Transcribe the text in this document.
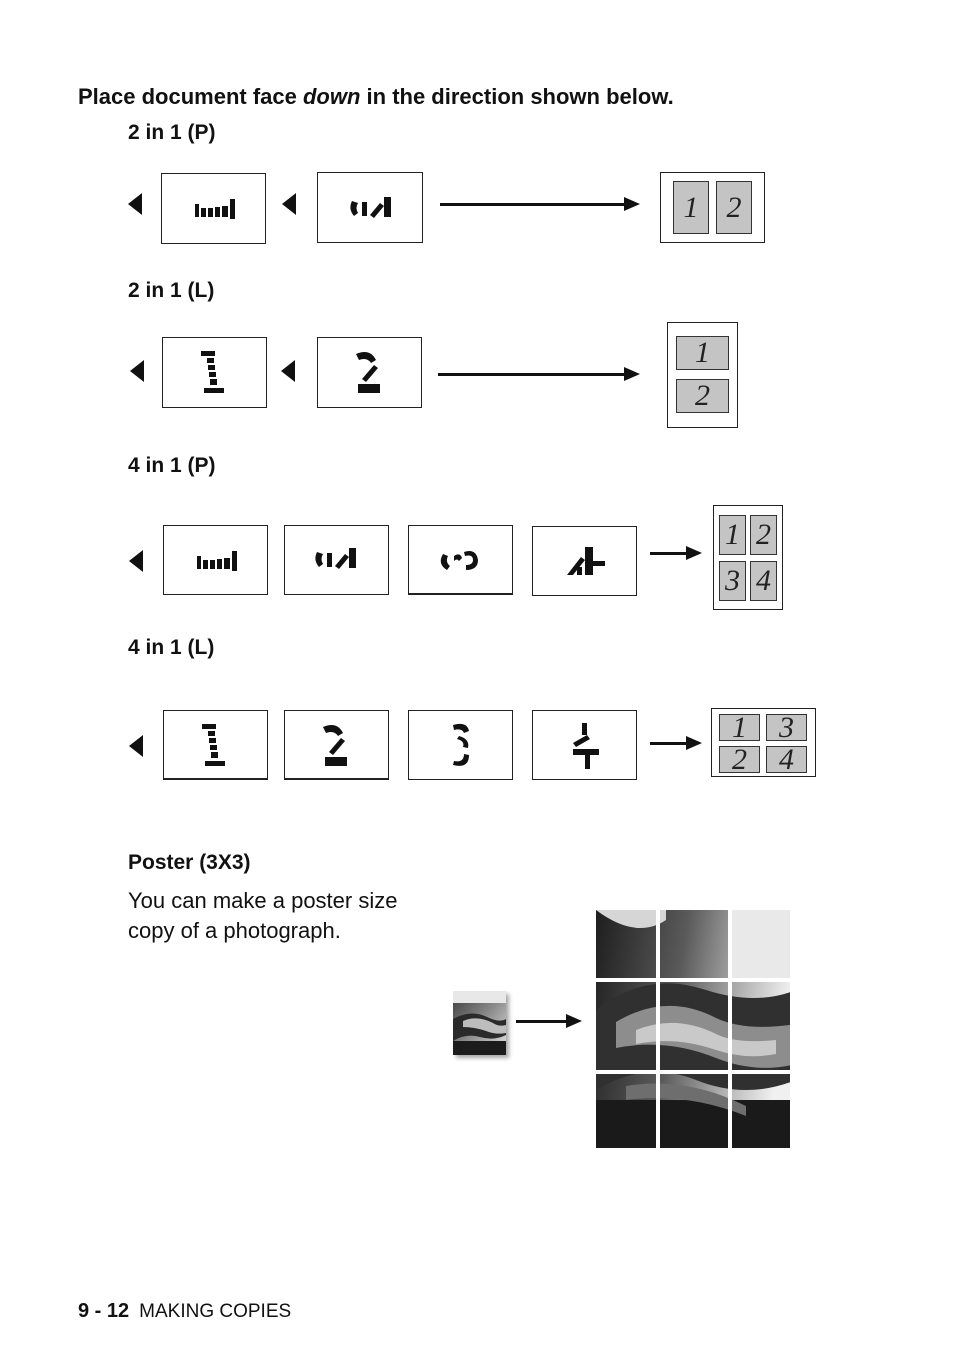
Place document face down in the direction shown below.
2 in 1 (P)
1 2
2 in 1 (L)
1
2
4 in 1 (P)
1 2
3 4
4 in 1 (L)
1	3
2	4
Poster (3X3)
You can make a poster size copy of a photograph.
9 - 12 MAKING COPIES
